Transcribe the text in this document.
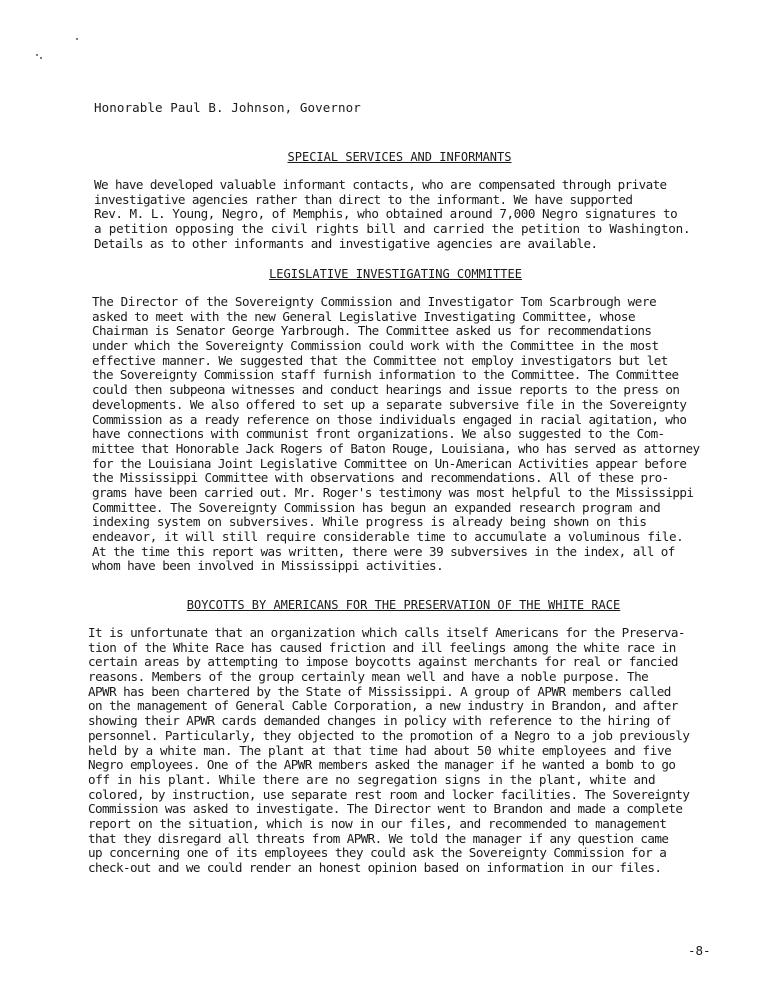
Honorable Paul B. Johnson, Governor
SPECIAL SERVICES AND INFORMANTS
We have developed valuable informant contacts, who are compensated through private
investigative agencies rather than direct to the informant. We have supported
Rev. M. L. Young, Negro, of Memphis, who obtained around 7,000 Negro signatures to
a petition opposing the civil rights bill and carried the petition to Washington.
Details as to other informants and investigative agencies are available.
LEGISLATIVE INVESTIGATING COMMITTEE
The Director of the Sovereignty Commission and Investigator Tom Scarbrough were
asked to meet with the new General Legislative Investigating Committee, whose
Chairman is Senator George Yarbrough. The Committee asked us for recommendations
under which the Sovereignty Commission could work with the Committee in the most
effective manner. We suggested that the Committee not employ investigators but let
the Sovereignty Commission staff furnish information to the Committee. The Committee
could then subpeona witnesses and conduct hearings and issue reports to the press on
developments. We also offered to set up a separate subversive file in the Sovereignty
Commission as a ready reference on those individuals engaged in racial agitation, who
have connections with communist front organizations. We also suggested to the Com-
mittee that Honorable Jack Rogers of Baton Rouge, Louisiana, who has served as attorney
for the Louisiana Joint Legislative Committee on Un-American Activities appear before
the Mississippi Committee with observations and recommendations. All of these pro-
grams have been carried out. Mr. Roger's testimony was most helpful to the Mississippi
Committee. The Sovereignty Commission has begun an expanded research program and
indexing system on subversives. While progress is already being shown on this
endeavor, it will still require considerable time to accumulate a voluminous file.
At the time this report was written, there were 39 subversives in the index, all of
whom have been involved in Mississippi activities.
BOYCOTTS BY AMERICANS FOR THE PRESERVATION OF THE WHITE RACE
It is unfortunate that an organization which calls itself Americans for the Preserva-
tion of the White Race has caused friction and ill feelings among the white race in
certain areas by attempting to impose boycotts against merchants for real or fancied
reasons. Members of the group certainly mean well and have a noble purpose. The
APWR has been chartered by the State of Mississippi. A group of APWR members called
on the management of General Cable Corporation, a new industry in Brandon, and after
showing their APWR cards demanded changes in policy with reference to the hiring of
personnel. Particularly, they objected to the promotion of a Negro to a job previously
held by a white man. The plant at that time had about 50 white employees and five
Negro employees. One of the APWR members asked the manager if he wanted a bomb to go
off in his plant. While there are no segregation signs in the plant, white and
colored, by instruction, use separate rest room and locker facilities. The Sovereignty
Commission was asked to investigate. The Director went to Brandon and made a complete
report on the situation, which is now in our files, and recommended to management
that they disregard all threats from APWR. We told the manager if any question came
up concerning one of its employees they could ask the Sovereignty Commission for a
check-out and we could render an honest opinion based on information in our files.
-8-
